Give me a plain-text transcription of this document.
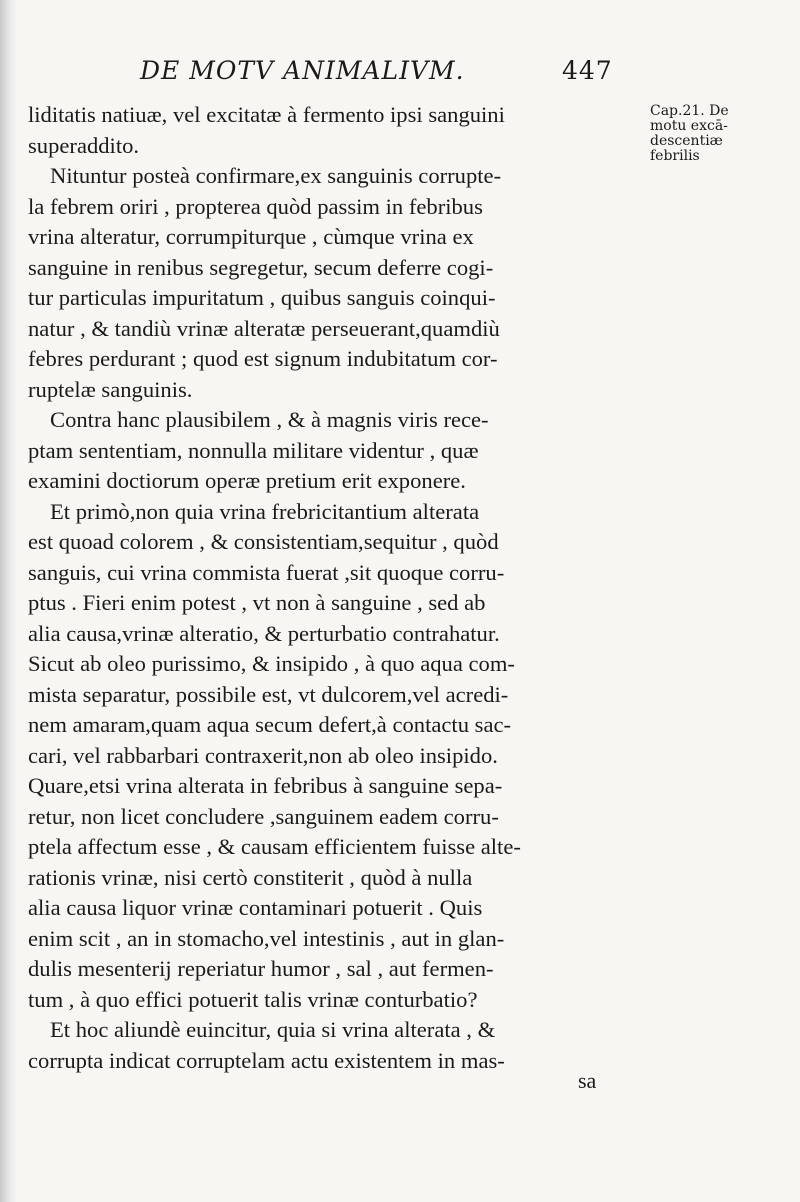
DE MOTV ANIMALIVM.	447
Cap.21. De
motu excā-
descentiæ
febrilis
liditatis natiuæ, vel excitatæ à fermento ipsi sanguini
superaddito.
Nituntur posteà confirmare,ex sanguinis corrupte-
la febrem oriri , propterea quòd passim in febribus
vrina alteratur, corrumpiturque , cùmque vrina ex
sanguine in renibus segregetur, secum deferre cogi-
tur particulas impuritatum , quibus sanguis coinqui-
natur , & tandiù vrinæ alteratæ perseuerant,quamdiù
febres perdurant ; quod est signum indubitatum cor-
ruptelæ sanguinis.
Contra hanc plausibilem , & à magnis viris rece-
ptam sententiam, nonnulla militare videntur , quæ
examini doctiorum operæ pretium erit exponere.
Et primò,non quia vrina frebricitantium alterata
est quoad colorem , & consistentiam,sequitur , quòd
sanguis, cui vrina commista fuerat ,sit quoque corru-
ptus . Fieri enim potest , vt non à sanguine , sed ab
alia causa,vrinæ alteratio, & perturbatio contrahatur.
Sicut ab oleo purissimo, & insipido , à quo aqua com-
mista separatur, possibile est, vt dulcorem,vel acredi-
nem amaram,quam aqua secum defert,à contactu sac-
cari, vel rabbarbari contraxerit,non ab oleo insipido.
Quare,etsi vrina alterata in febribus à sanguine sepa-
retur, non licet concludere ,sanguinem eadem corru-
ptela affectum esse , & causam efficientem fuisse alte-
rationis vrinæ, nisi certò constiterit , quòd à nulla
alia causa liquor vrinæ contaminari potuerit . Quis
enim scit , an in stomacho,vel intestinis , aut in glan-
dulis mesenterij reperiatur humor , sal , aut fermen-
tum , à quo effici potuerit talis vrinæ conturbatio?
Et hoc aliundè euincitur, quia si vrina alterata , &
corrupta indicat corruptelam actu existentem in mas-
sa
